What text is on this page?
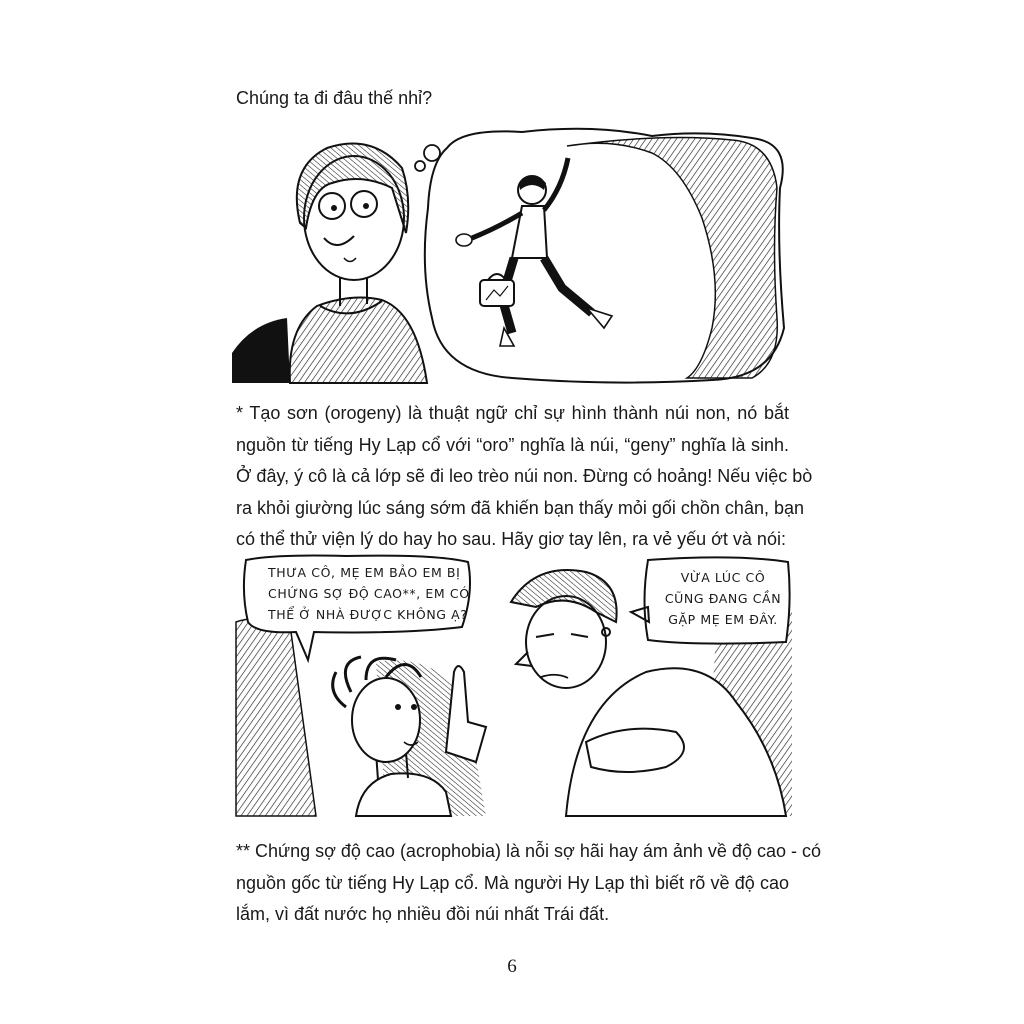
Chúng ta đi đâu thế nhỉ?

* Tạo sơn (orogeny) là thuật ngữ chỉ sự hình thành núi non, nó bắt
nguồn từ tiếng Hy Lạp cổ với “oro” nghĩa là núi, “geny” nghĩa là sinh.
Ở đây, ý cô là cả lớp sẽ đi leo trèo núi non. Đừng có hoảng! Nếu việc bò
ra khỏi giường lúc sáng sớm đã khiến bạn thấy mỏi gối chồn chân, bạn
có thể thử viện lý do hay ho sau. Hãy giơ tay lên, ra vẻ yếu ớt và nói:
THƯA CÔ, MẸ EM BẢO EM BỊ
CHỨNG SỢ ĐỘ CAO**, EM CÓ
THỂ Ở NHÀ ĐƯỢC KHÔNG Ạ?
VỪA LÚC CÔ
CŨNG ĐANG CẦN
GẶP MẸ EM ĐÂY.
** Chứng sợ độ cao (acrophobia) là nỗi sợ hãi hay ám ảnh về độ cao - có
nguồn gốc từ tiếng Hy Lạp cổ. Mà người Hy Lạp thì biết rõ về độ cao
lắm, vì đất nước họ nhiều đồi núi nhất Trái đất.
6
